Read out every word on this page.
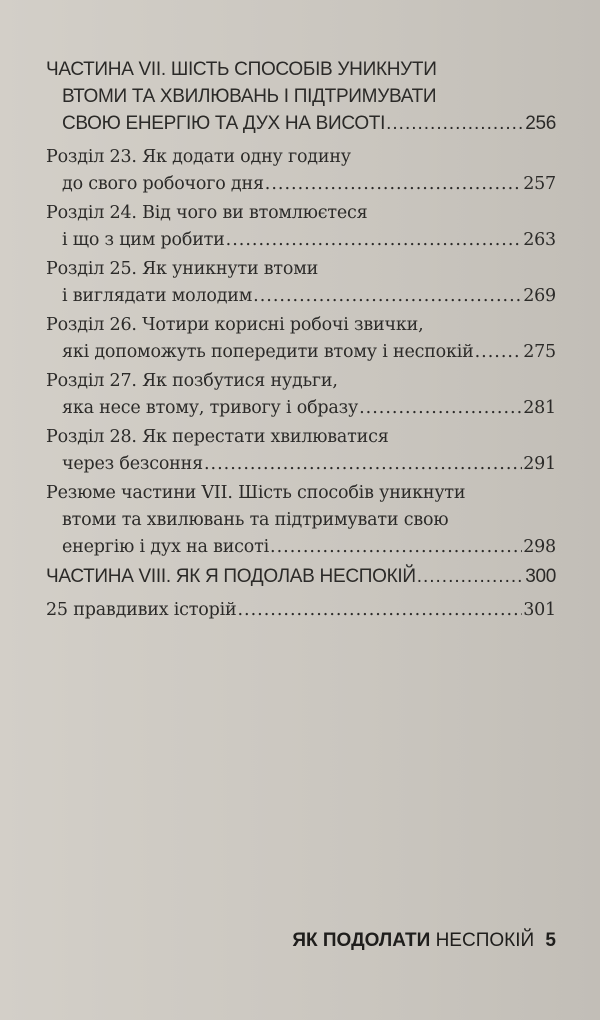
ЧАСТИНА VII. ШІСТЬ СПОСОБІВ УНИКНУТИ
ВТОМИ ТА ХВИЛЮВАНЬ І ПІДТРИМУВАТИ
СВОЮ ЕНЕРГІЮ ТА ДУХ НА ВИСОТІ .....	256
Розділ 23. Як додати одну годину
до свого робочого дня .....	257
Розділ 24. Від чого ви втомлюєтеся
і що з цим робити .....	263
Розділ 25. Як уникнути втоми
і виглядати молодим .....	269
Розділ 26. Чотири корисні робочі звички,
які допоможуть попередити втому і неспокій .....	275
Розділ 27. Як позбутися нудьги,
яка несе втому, тривогу і образу .....	281
Розділ 28. Як перестати хвилюватися
через безсоння .....	291
Резюме частини VII. Шість способів уникнути
втоми та хвилювань та підтримувати свою
енергію і дух на висоті .....	298
ЧАСТИНА VIII. ЯК Я ПОДОЛАВ НЕСПОКІЙ .....	300
25 правдивих історій .....	301
ЯК ПОДОЛАТИ НЕСПОКІЙ 5
